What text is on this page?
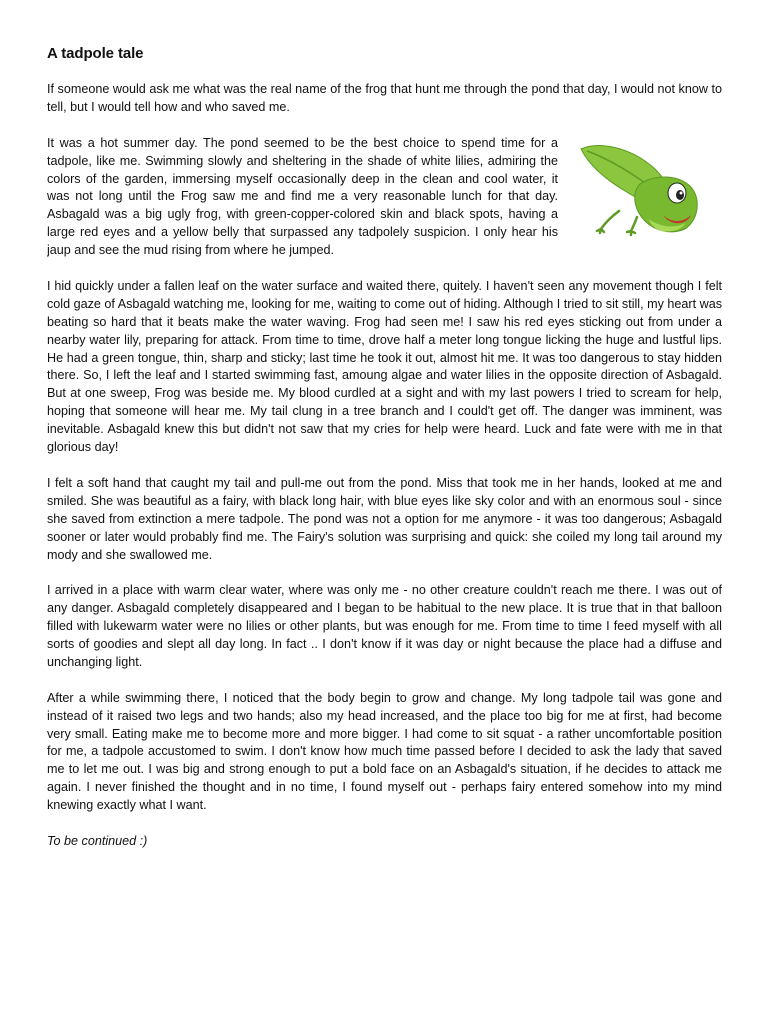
A tadpole tale

If someone would ask me what was the real name of the frog that hunt me through the pond that day, I would not know to tell, but I would tell how and who saved me.

It was a hot summer day. The pond seemed to be the best choice to spend time for a tadpole, like me. Swimming slowly and sheltering in the shade of white lilies, admiring the colors of the garden, immersing myself occasionally deep in the clean and cool water, it was not long until the Frog saw me and find me a very reasonable lunch for that day. Asbagald was a big ugly frog, with green-copper-colored skin and black spots, having a large red eyes and a yellow belly that surpassed any tadpolely suspicion. I only hear his jaup and see the mud rising from where he jumped.

I hid quickly under a fallen leaf on the water surface and waited there, quitely. I haven't seen any movement though I felt cold gaze of Asbagald watching me, looking for me, waiting to come out of hiding. Although I tried to sit still, my heart was beating so hard that it beats make the water waving. Frog had seen me! I saw his red eyes sticking out from under a nearby water lily, preparing for attack. From time to time, drove half a meter long tongue licking the huge and lustful lips. He had a green tongue, thin, sharp and sticky; last time he took it out, almost hit me. It was too dangerous to stay hidden there. So, I left the leaf and I started swimming fast, amoung algae and water lilies in the opposite direction of Asbagald. But at one sweep, Frog was beside me. My blood curdled at a sight and with my last powers I tried to scream for help, hoping that someone will hear me. My tail clung in a tree branch and I could't get off. The danger was imminent, was inevitable. Asbagald knew this but didn't not saw that my cries for help were heard. Luck and fate were with me in that glorious day!

I felt a soft hand that caught my tail and pull-me out from the pond. Miss that took me in her hands, looked at me and smiled. She was beautiful as a fairy, with black long hair, with blue eyes like sky color and with an enormous soul - since she saved from extinction a mere tadpole. The pond was not a option for me anymore - it was too dangerous; Asbagald sooner or later would probably find me. The Fairy's solution was surprising and quick: she coiled my long tail around my mody and she swallowed me.

I arrived in a place with warm clear water, where was only me - no other creature couldn't reach me there. I was out of any danger. Asbagald completely disappeared and I began to be habitual to the new place. It is true that in that balloon filled with lukewarm water were no lilies or other plants, but was enough for me. From time to time I feed myself with all sorts of goodies and slept all day long. In fact .. I don't know if it was day or night because the place had a diffuse and unchanging light.

After a while swimming there, I noticed that the body begin to grow and change. My long tadpole tail was gone and instead of it raised two legs and two hands; also my head increased, and the place too big for me at first, had become very small. Eating make me to become more and more bigger. I had come to sit squat - a rather uncomfortable position for me, a tadpole accustomed to swim. I don't know how much time passed before I decided to ask the lady that saved me to let me out. I was big and strong enough to put a bold face on an Asbagald's situation, if he decides to attack me again. I never finished the thought and in no time, I found myself out - perhaps fairy entered somehow into my mind knewing exactly what I want.

To be continued :)
